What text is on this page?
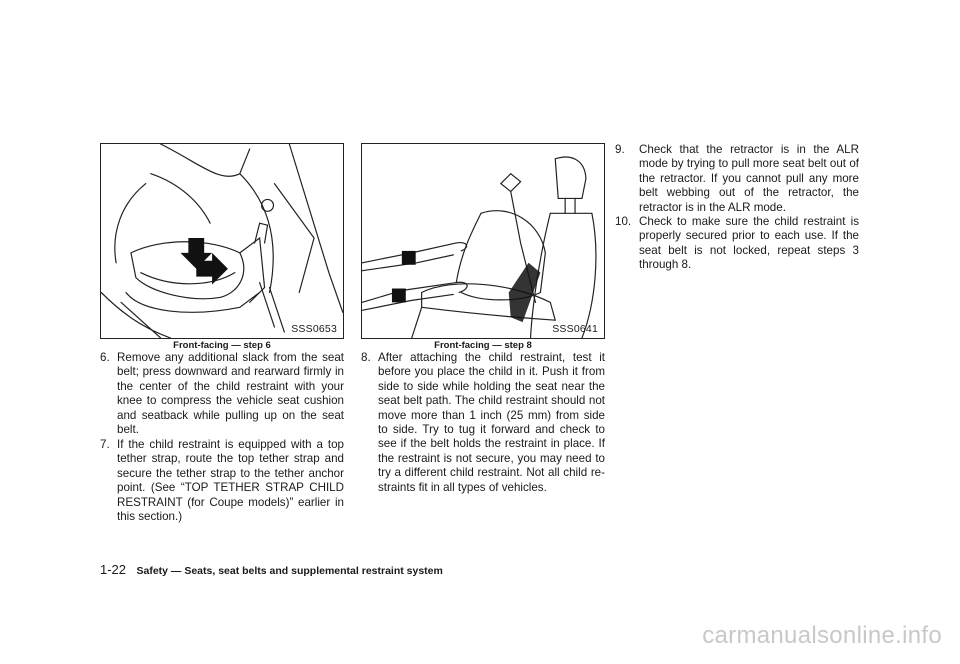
SSS0653
Front-facing — step 6
SSS0641
Front-facing — step 8
6. Remove any additional slack from the seat belt; press downward and rearward firmly in the center of the child restraint with your knee to compress the vehicle seat cushion and seatback while pulling up on the seat belt.
7. If the child restraint is equipped with a top tether strap, route the top tether strap and secure the tether strap to the tether anchor point. (See “TOP TETHER STRAP CHILD RESTRAINT (for Coupe models)” earlier in this section.)
8. After attaching the child restraint, test it before you place the child in it. Push it from side to side while holding the seat near the seat belt path. The child restraint should not move more than 1 inch (25 mm) from side to side. Try to tug it forward and check to see if the belt holds the restraint in place. If the restraint is not secure, you may need to try a different child restraint. Not all child re-straints fit in all types of vehicles.
9.	Check that the retractor is in the ALR mode by trying to pull more seat belt out of the retractor. If you cannot pull any more belt webbing out of the retractor, the retractor is in the ALR mode.
10. Check to make sure the child restraint is properly secured prior to each use. If the seat belt is not locked, repeat steps 3 through 8.
1-22 Safety — Seats, seat belts and supplemental restraint system
carmanualsonline.info
